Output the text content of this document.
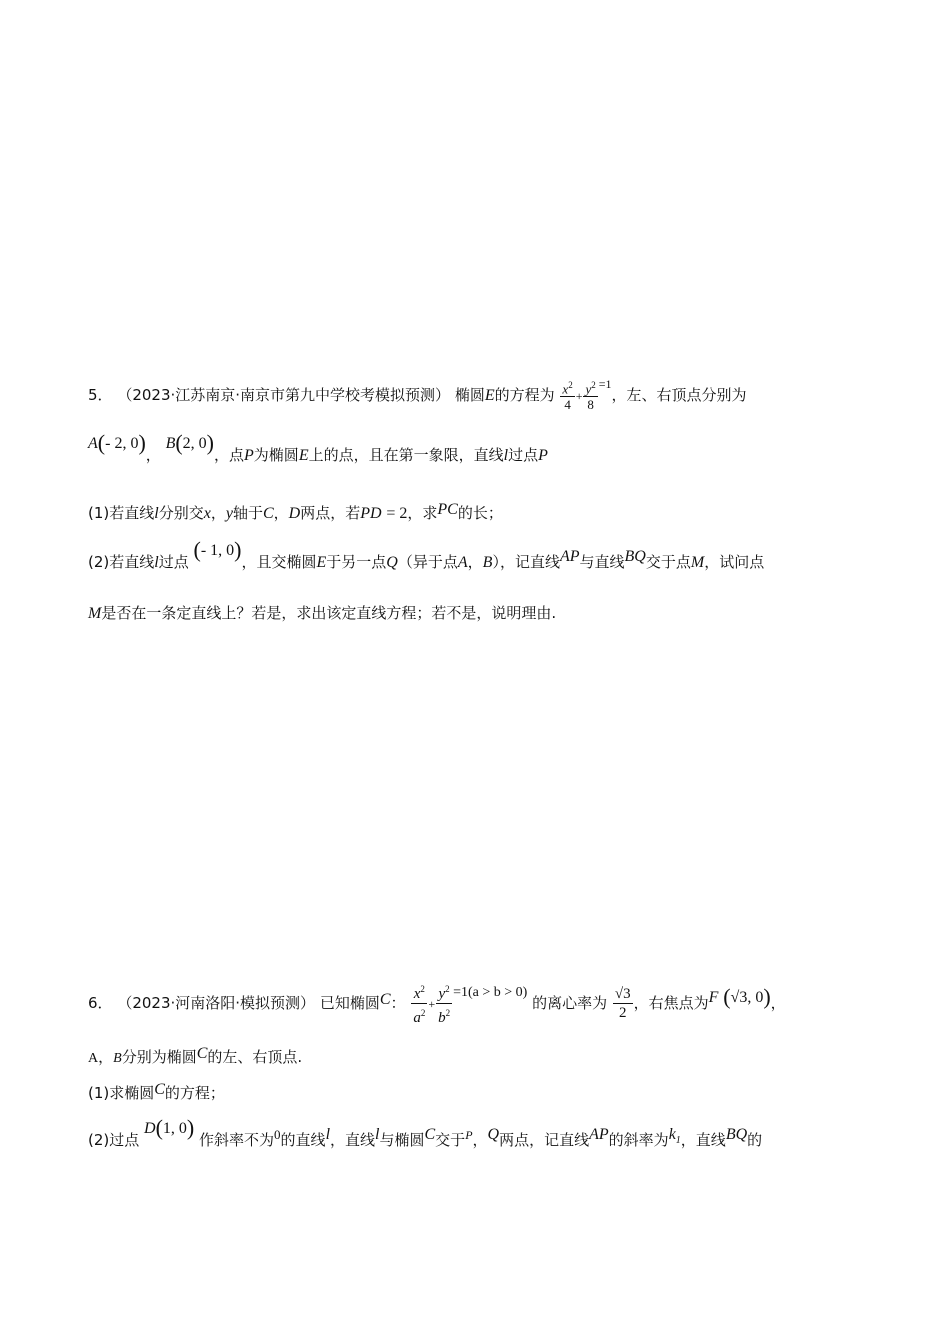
5． （2023·江苏南京·南京市第九中学校考模拟预测） 椭圆E的方程为 $\frac{x^2}{4} + \frac{y^2}{8} ^{=1}$，左、右顶点分别为
A(- 2, 0)， B(2, 0)，点P为椭圆E上的点，且在第一象限，直线l过点P
(1)若直线l分别交x，y轴于C，D两点，若PD = 2，求PC的长；
(2)若直线l过点 (- 1, 0)，且交椭圆E于另一点Q（异于点A，B），记直线AP与直线BQ交于点M，试问点
M是否在一条定直线上？若是，求出该定直线方程；若不是，说明理由.
6． （2023·河南洛阳·模拟预测） 已知椭圆C： $\frac{x^2}{a^2} + \frac{y^2}{b^2} =1(a > b > 0)$ 的离心率为 $\frac{√3}{2}$ ，右焦点为F (√3, 0)，
A，B分别为椭圆C的左、右顶点.
(1)求椭圆C的方程；
(2)过点 D(1, 0) 作斜率不为0的直线l，直线l与椭圆C交于$^P$，Q两点，记直线AP的斜率为$k_1$，直线BQ的
